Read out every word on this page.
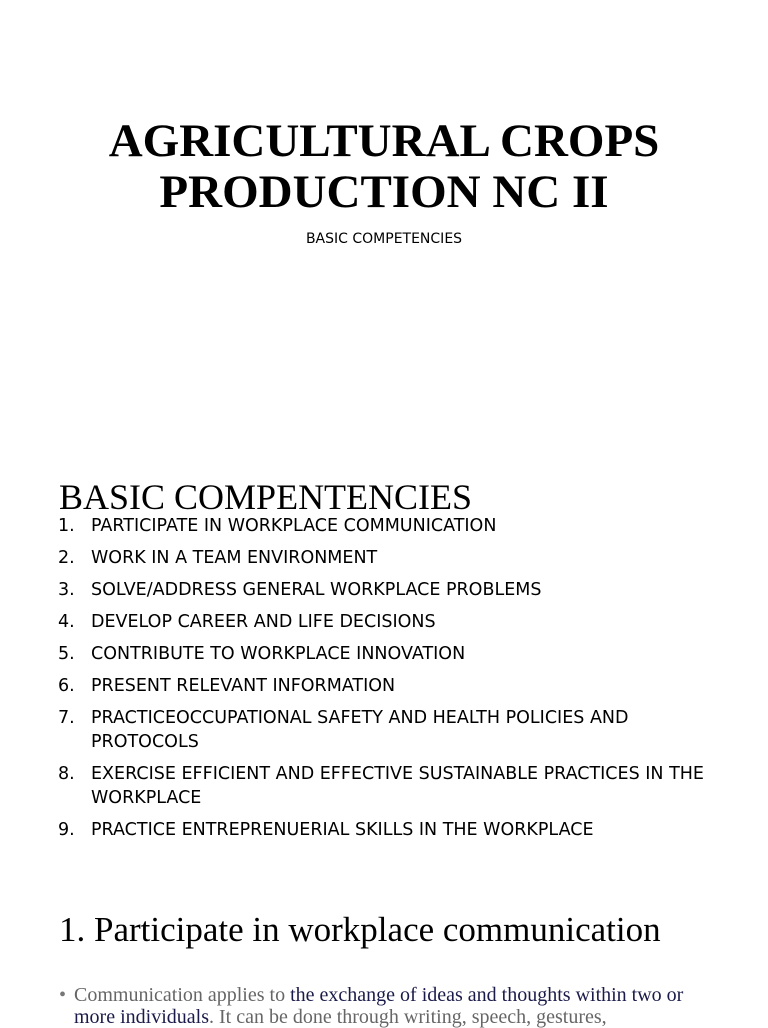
AGRICULTURAL CROPS
PRODUCTION NC II
BASIC COMPETENCIES
BASIC COMPENTENCIES
1. PARTICIPATE IN WORKPLACE COMMUNICATION
2. WORK IN A TEAM ENVIRONMENT
3. SOLVE/ADDRESS GENERAL WORKPLACE PROBLEMS
4. DEVELOP CAREER AND LIFE DECISIONS
5. CONTRIBUTE TO WORKPLACE INNOVATION
6. PRESENT RELEVANT INFORMATION
7. PRACTICEOCCUPATIONAL SAFETY AND HEALTH POLICIES AND PROTOCOLS
8. EXERCISE EFFICIENT AND EFFECTIVE SUSTAINABLE PRACTICES IN THE WORKPLACE
9. PRACTICE ENTREPRENUERIAL SKILLS IN THE WORKPLACE
1. Participate in workplace communication
• Communication applies to the exchange of ideas and thoughts within two or more individuals. It can be done through writing, speech, gestures,
